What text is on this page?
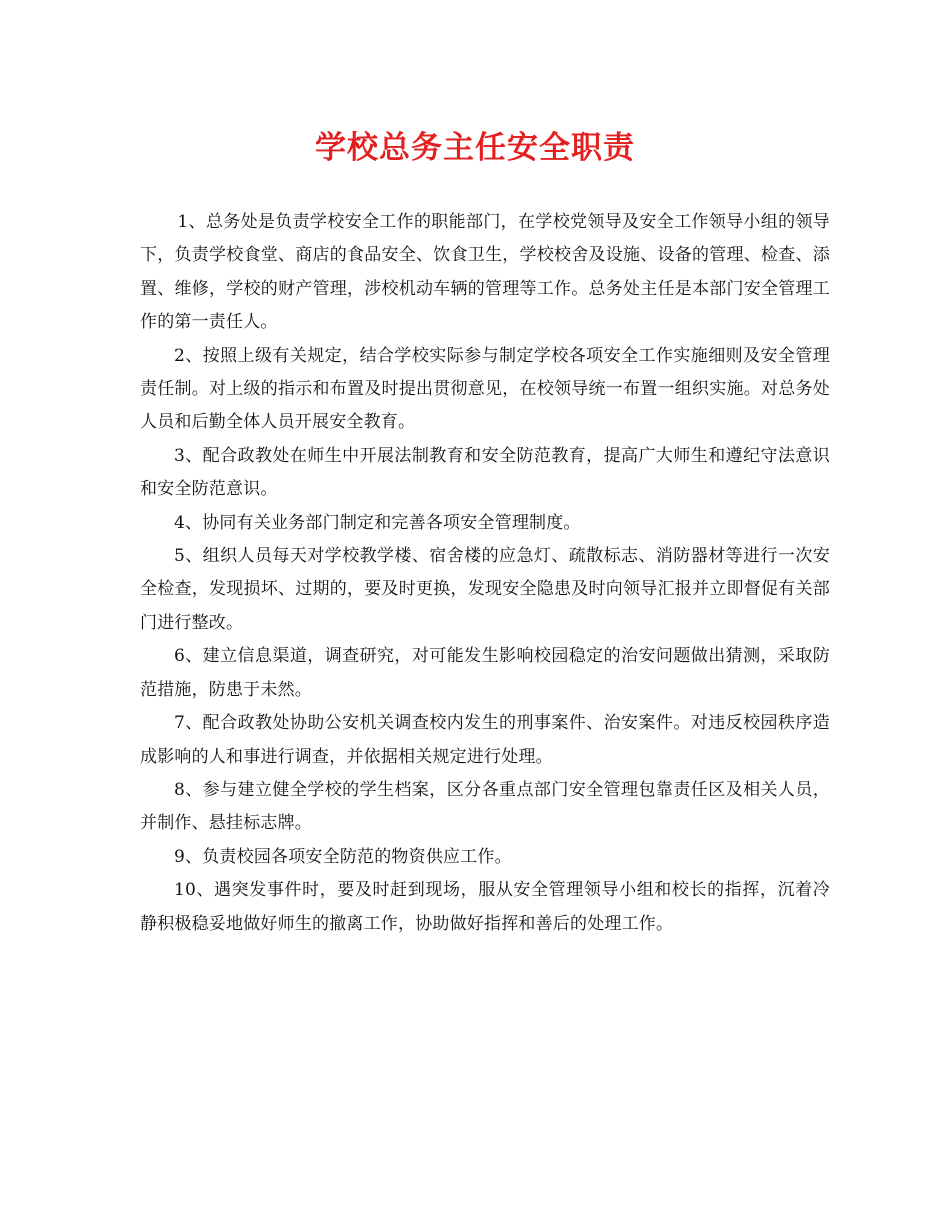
学校总务主任安全职责

1、总务处是负责学校安全工作的职能部门，在学校党领导及安全工作领导小组的领导下，负责学校食堂、商店的食品安全、饮食卫生，学校校舍及设施、设备的管理、检查、添置、维修，学校的财产管理，涉校机动车辆的管理等工作。总务处主任是本部门安全管理工作的第一责任人。

2、按照上级有关规定，结合学校实际参与制定学校各项安全工作实施细则及安全管理责任制。对上级的指示和布置及时提出贯彻意见，在校领导统一布置一组织实施。对总务处人员和后勤全体人员开展安全教育。

3、配合政教处在师生中开展法制教育和安全防范教育，提高广大师生和遵纪守法意识和安全防范意识。

4、协同有关业务部门制定和完善各项安全管理制度。

5、组织人员每天对学校教学楼、宿舍楼的应急灯、疏散标志、消防器材等进行一次安全检查，发现损坏、过期的，要及时更换，发现安全隐患及时向领导汇报并立即督促有关部门进行整改。

6、建立信息渠道，调查研究，对可能发生影响校园稳定的治安问题做出猜测，采取防范措施，防患于未然。

7、配合政教处协助公安机关调查校内发生的刑事案件、治安案件。对违反校园秩序造成影响的人和事进行调查，并依据相关规定进行处理。

8、参与建立健全学校的学生档案，区分各重点部门安全管理包靠责任区及相关人员，并制作、悬挂标志牌。

9、负责校园各项安全防范的物资供应工作。

10、遇突发事件时，要及时赶到现场，服从安全管理领导小组和校长的指挥，沉着冷静积极稳妥地做好师生的撤离工作，协助做好指挥和善后的处理工作。
